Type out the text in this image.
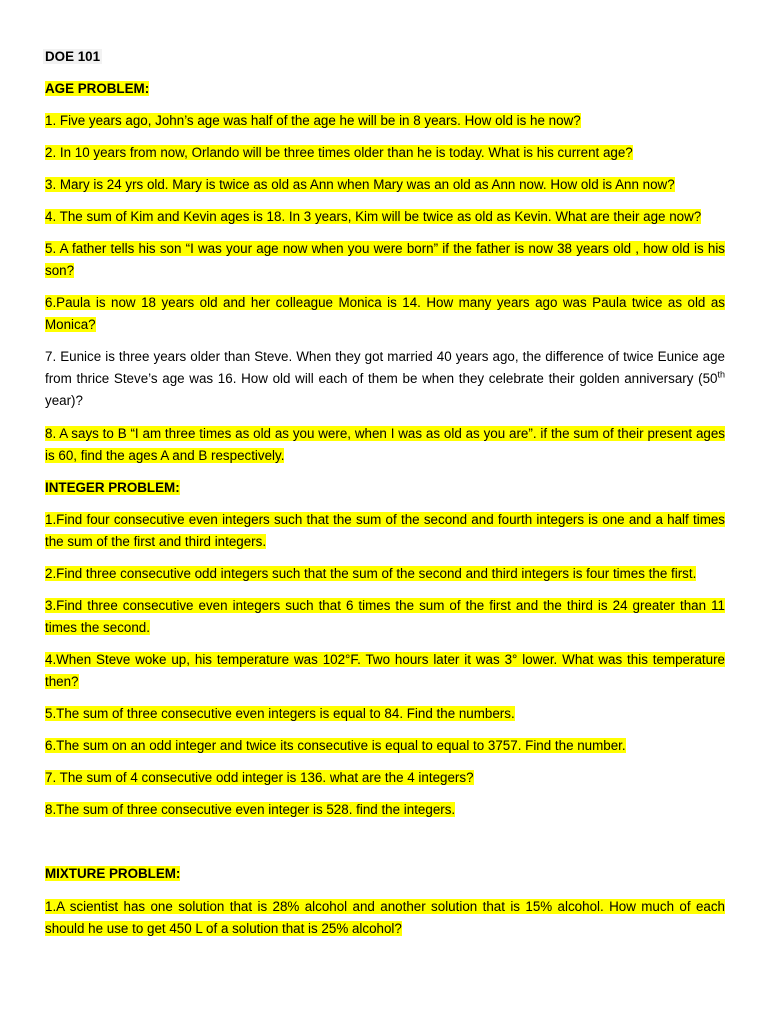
DOE 101
AGE PROBLEM:
1. Five years ago, John’s age was half of the age he will be in 8 years. How old is he now?
2. In 10 years from now, Orlando will be three times older than he is today. What is his current age?
3. Mary is 24 yrs old. Mary is twice as old as Ann when Mary was an old as Ann now. How old is Ann now?
4. The sum of Kim and Kevin ages is 18. In 3 years, Kim will be twice as old as Kevin. What are their age now?
5. A father tells his son “I was your age now when you were born” if the father is now 38 years old , how old is his son?
6.Paula is now 18 years old and her colleague Monica is 14. How many years ago was Paula twice as old as Monica?
7. Eunice is three years older than Steve. When they got married 40 years ago, the difference of twice Eunice age from thrice Steve’s age was 16. How old will each of them be when they celebrate their golden anniversary (50th year)?
8. A says to B “I am three times as old as you were, when I was as old as you are”. if the sum of their present ages is 60, find the ages A and B respectively.
INTEGER PROBLEM:
1.Find four consecutive even integers such that the sum of the second and fourth integers is one and a half times the sum of the first and third integers.
2.Find three consecutive odd integers such that the sum of the second and third integers is four times the first.
3.Find three consecutive even integers such that 6 times the sum of the first and the third is 24 greater than 11 times the second.
4.When Steve woke up, his temperature was 102°F. Two hours later it was 3° lower. What was this temperature then?
5.The sum of three consecutive even integers is equal to 84. Find the numbers.
6.The sum on an odd integer and twice its consecutive is equal to equal to 3757. Find the number.
7. The sum of 4 consecutive odd integer is 136. what are the 4 integers?
8.The sum of three consecutive even integer is 528. find the integers.
MIXTURE PROBLEM:
1.A scientist has one solution that is 28% alcohol and another solution that is 15% alcohol. How much of each should he use to get 450 L of a solution that is 25% alcohol?
